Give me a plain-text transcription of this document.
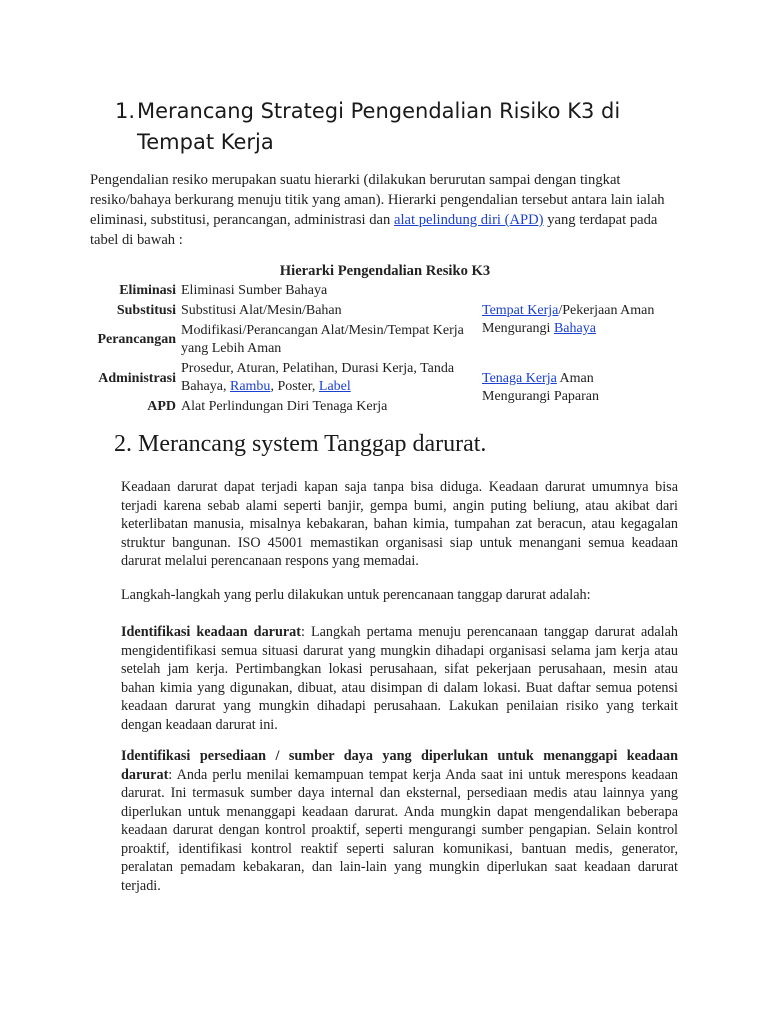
1. Merancang Strategi Pengendalian Risiko K3 di Tempat Kerja
Pengendalian resiko merupakan suatu hierarki (dilakukan berurutan sampai dengan tingkat resiko/bahaya berkurang menuju titik yang aman). Hierarki pengendalian tersebut antara lain ialah eliminasi, substitusi, perancangan, administrasi dan alat pelindung diri (APD) yang terdapat pada tabel di bawah :
Hierarki Pengendalian Resiko K3
Eliminasi Eliminasi Sumber Bahaya
Substitusi Substitusi Alat/Mesin/Bahan
Perancangan
Modifikasi/Perancangan Alat/Mesin/Tempat Kerja yang Lebih Aman
Administrasi
Prosedur, Aturan, Pelatihan, Durasi Kerja, Tanda Bahaya, Rambu, Poster, Label
APD Alat Perlindungan Diri Tenaga Kerja
Tempat Kerja/Pekerjaan Aman Mengurangi Bahaya
Tenaga Kerja Aman Mengurangi Paparan
2. Merancang system Tanggap darurat.
Keadaan darurat dapat terjadi kapan saja tanpa bisa diduga. Keadaan darurat umumnya bisa terjadi karena sebab alami seperti banjir, gempa bumi, angin puting beliung, atau akibat dari keterlibatan manusia, misalnya kebakaran, bahan kimia, tumpahan zat beracun, atau kegagalan struktur bangunan. ISO 45001 memastikan organisasi siap untuk menangani semua keadaan darurat melalui perencanaan respons yang memadai.
Langkah-langkah yang perlu dilakukan untuk perencanaan tanggap darurat adalah:
Identifikasi keadaan darurat: Langkah pertama menuju perencanaan tanggap darurat adalah mengidentifikasi semua situasi darurat yang mungkin dihadapi organisasi selama jam kerja atau setelah jam kerja. Pertimbangkan lokasi perusahaan, sifat pekerjaan perusahaan, mesin atau bahan kimia yang digunakan, dibuat, atau disimpan di dalam lokasi. Buat daftar semua potensi keadaan darurat yang mungkin dihadapi perusahaan. Lakukan penilaian risiko yang terkait dengan keadaan darurat ini.
Identifikasi persediaan / sumber daya yang diperlukan untuk menanggapi keadaan darurat: Anda perlu menilai kemampuan tempat kerja Anda saat ini untuk merespons keadaan darurat. Ini termasuk sumber daya internal dan eksternal, persediaan medis atau lainnya yang diperlukan untuk menanggapi keadaan darurat. Anda mungkin dapat mengendalikan beberapa keadaan darurat dengan kontrol proaktif, seperti mengurangi sumber pengapian. Selain kontrol proaktif, identifikasi kontrol reaktif seperti saluran komunikasi, bantuan medis, generator, peralatan pemadam kebakaran, dan lain-lain yang mungkin diperlukan saat keadaan darurat terjadi.
